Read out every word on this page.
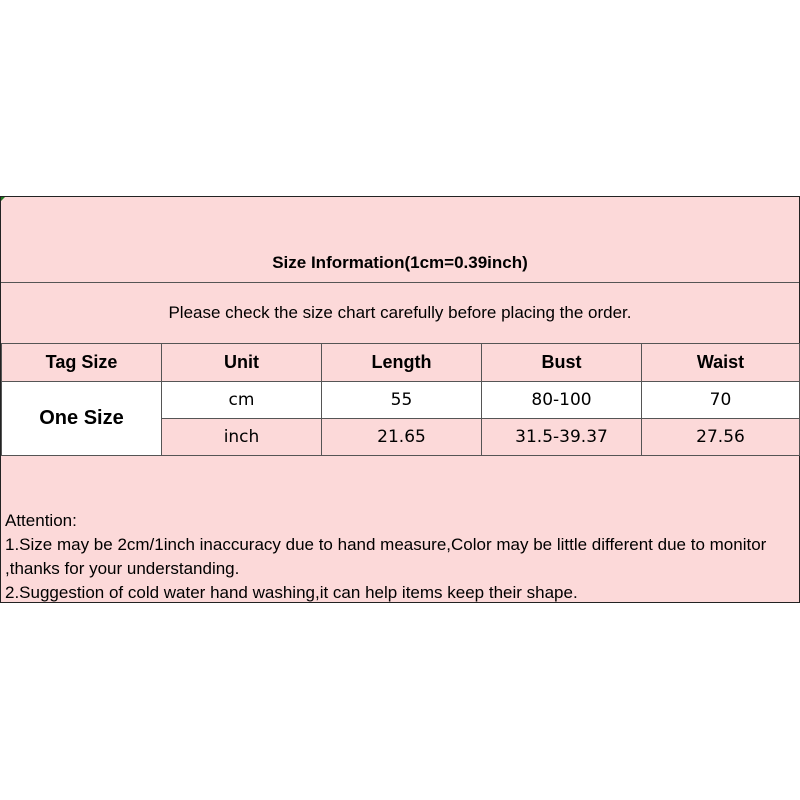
Size Information(1cm=0.39inch)
Please check the size chart carefully before placing the order.
Tag Size	Unit	Length	Bust	Waist
One Size	cm	55	80-100	70
	inch	21.65	31.5-39.37	27.56
Attention:
1.Size may be 2cm/1inch inaccuracy due to hand measure,Color may be little different due to monitor ,thanks for your understanding.
2.Suggestion of cold water hand washing,it can help items keep their shape.
